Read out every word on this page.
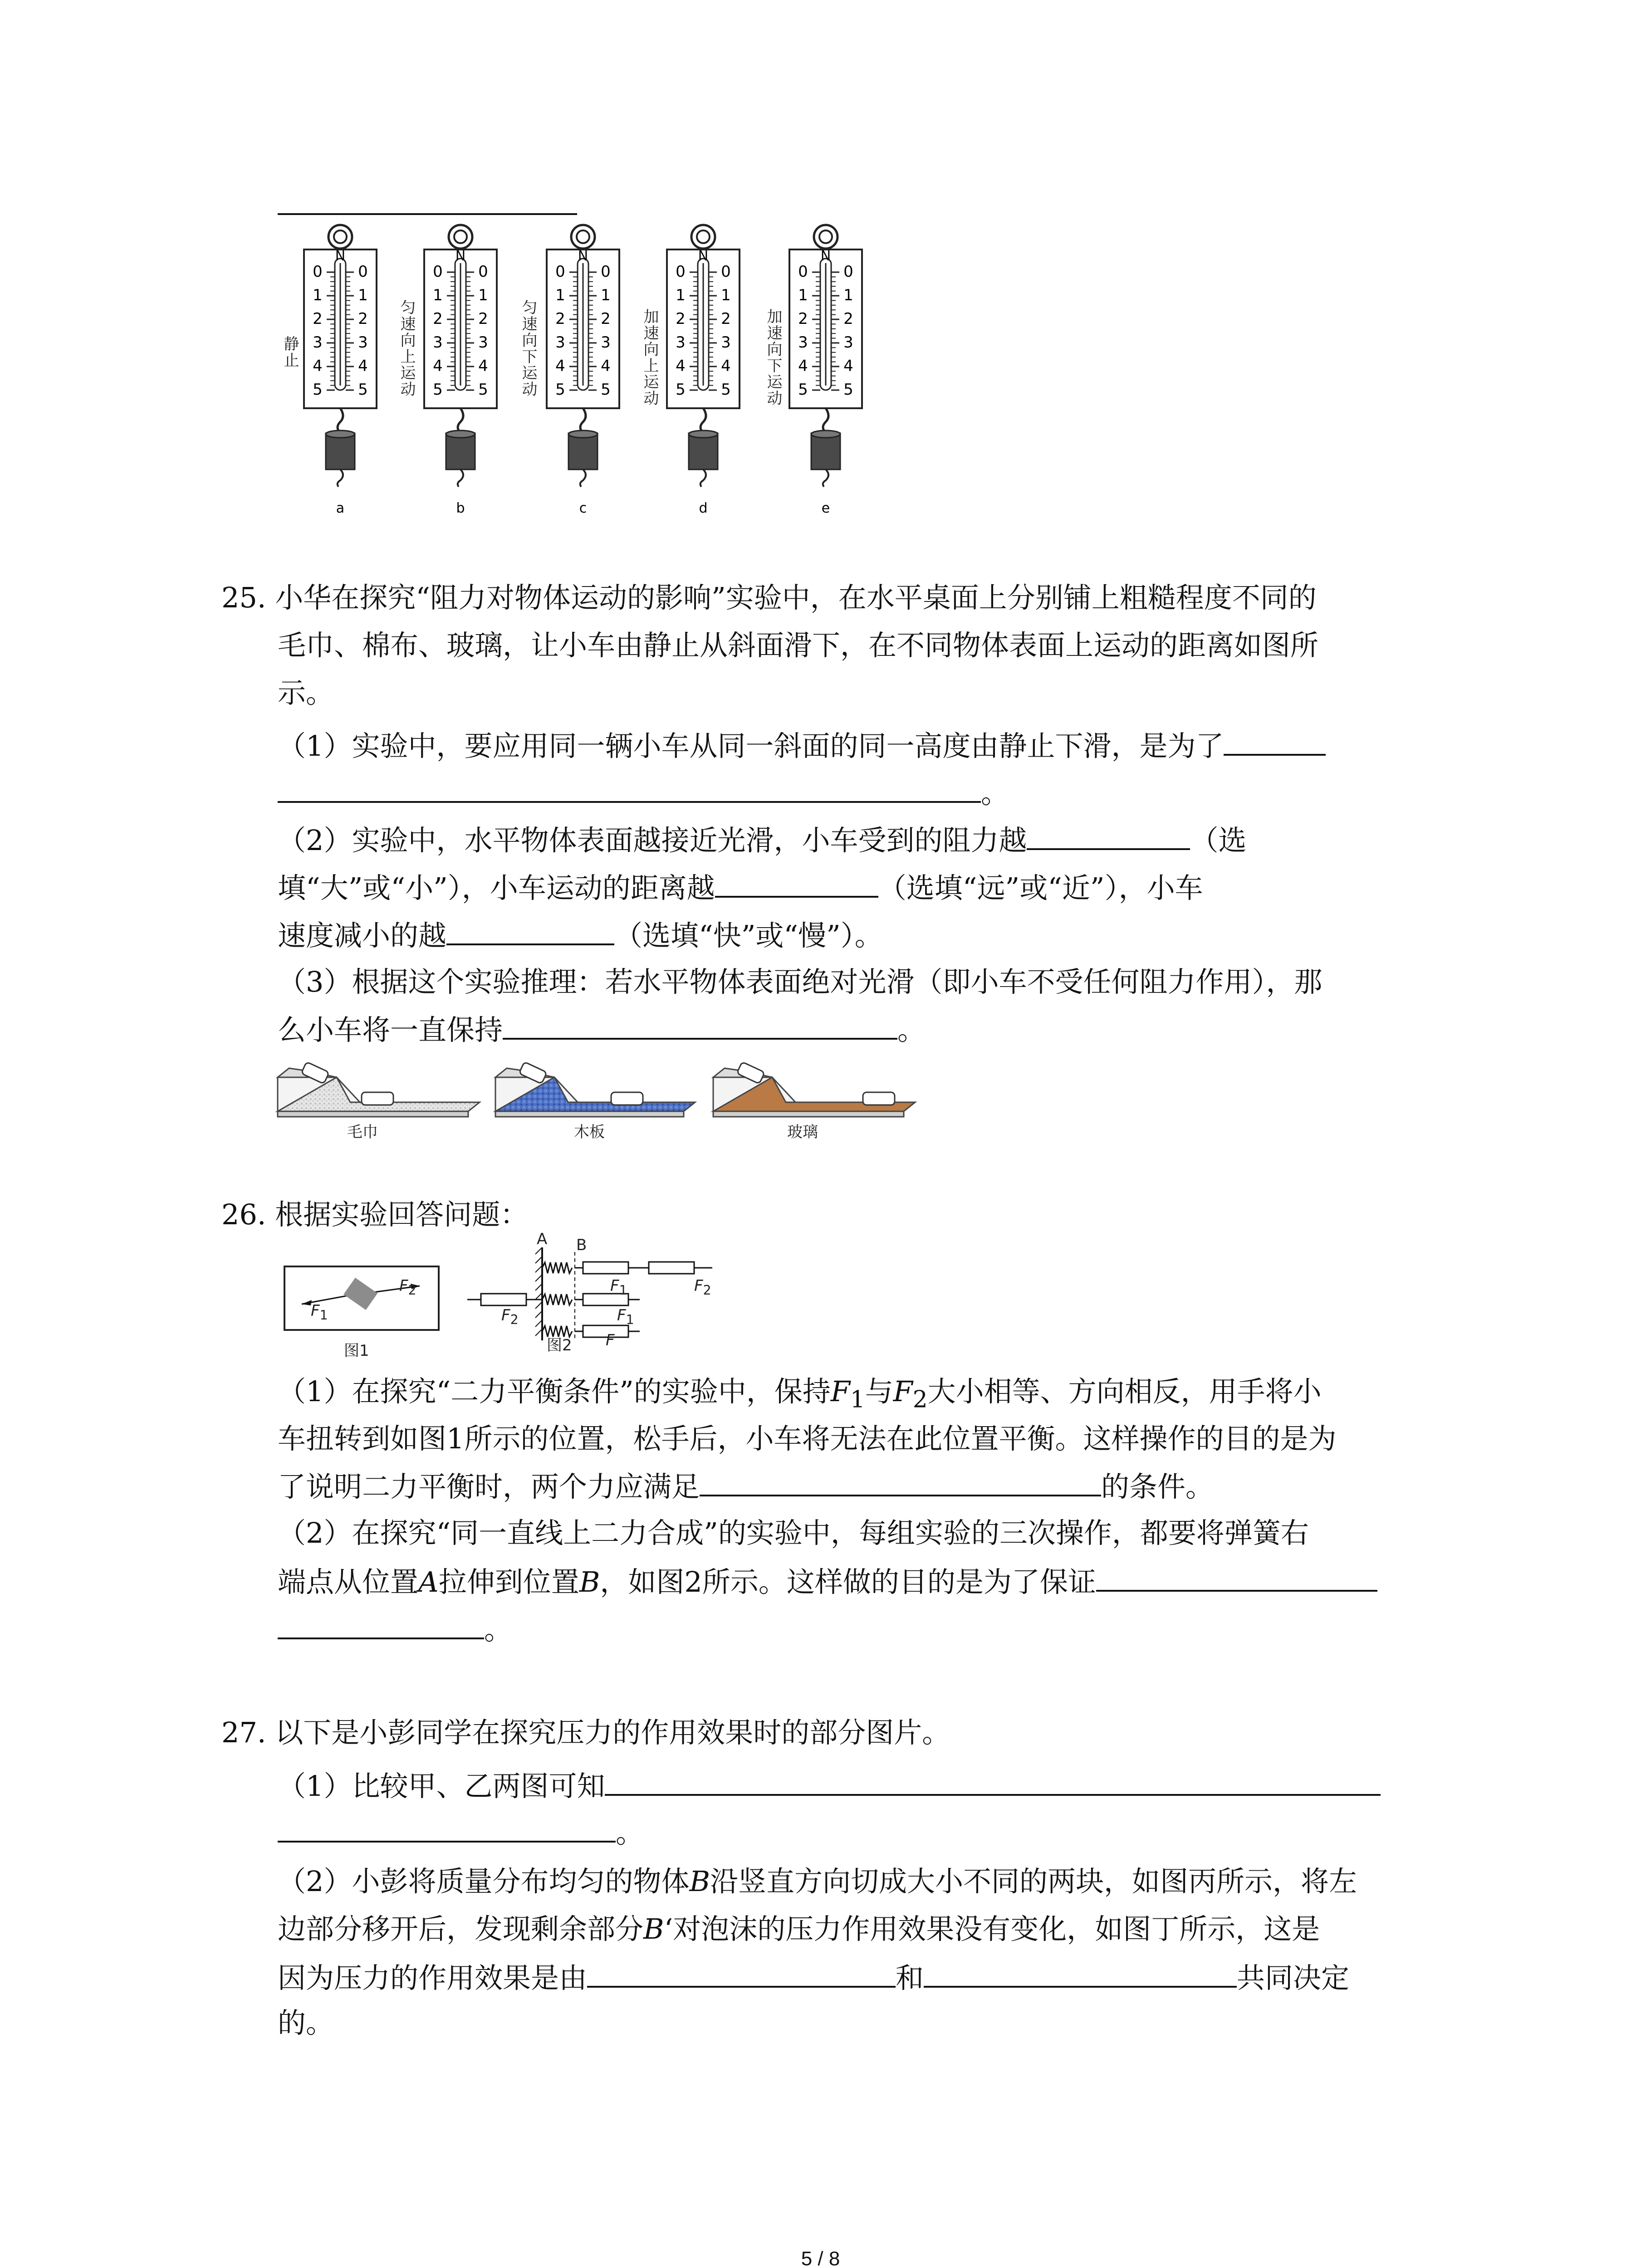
N
0 0
1 1
2 2
3 3
4 4
5 5
a
N
0 0
1 1
2 2
3 3
4 4
5 5
b
N
0 0
1 1
2 2
3 3
4 4
5 5
c
N
0 0
1 1
2 2
3 3
4 4
5 5
d
N
0 0
1 1
2 2
3 3
4 4
5 5
e
静止	匀速向上运动	匀速向下运动	加速向上运动	加速向下运动
25. 小华在探究“阻力对物体运动的影响”实验中，在水平桌面上分别铺上粗糙程度不同的
毛巾、棉布、玻璃，让小车由静止从斜面滑下，在不同物体表面上运动的距离如图所
示。
（1）实验中，要应用同一辆小车从同一斜面的同一高度由静止下滑，是为了
。
（2）实验中，水平物体表面越接近光滑，小车受到的阻力越	（选
填“大”或“小”），小车运动的距离越	（选填“远”或“近”），小车
速度减小的越	（选填“快”或“慢”）。
（3）根据这个实验推理：若水平物体表面绝对光滑（即小车不受任何阻力作用），那
么小车将一直保持	。
毛巾	木板	玻璃
26. 根据实验回答问题：
$F_1$
$F_2$
图1
A B
$F_1$	$F_2$
$F_2$	$F_1$
F
图2
（1）在探究“二力平衡条件”的实验中，保持$F_1$与$F_2$大小相等、方向相反，用手将小
车扭转到如图1所示的位置，松手后，小车将无法在此位置平衡。这样操作的目的是为
了说明二力平衡时，两个力应满足	的条件。
（2）在探究“同一直线上二力合成”的实验中，每组实验的三次操作，都要将弹簧右
端点从位置A拉伸到位置B，如图2所示。这样做的目的是为了保证
。
27. 以下是小彭同学在探究压力的作用效果时的部分图片。
（1）比较甲、乙两图可知
。
（2）小彭将质量分布均匀的物体B沿竖直方向切成大小不同的两块，如图丙所示，将左
边部分移开后，发现剩余部分B‘对泡沫的压力作用效果没有变化，如图丁所示，这是
因为压力的作用效果是由	和	共同决定
的。
5 / 8
